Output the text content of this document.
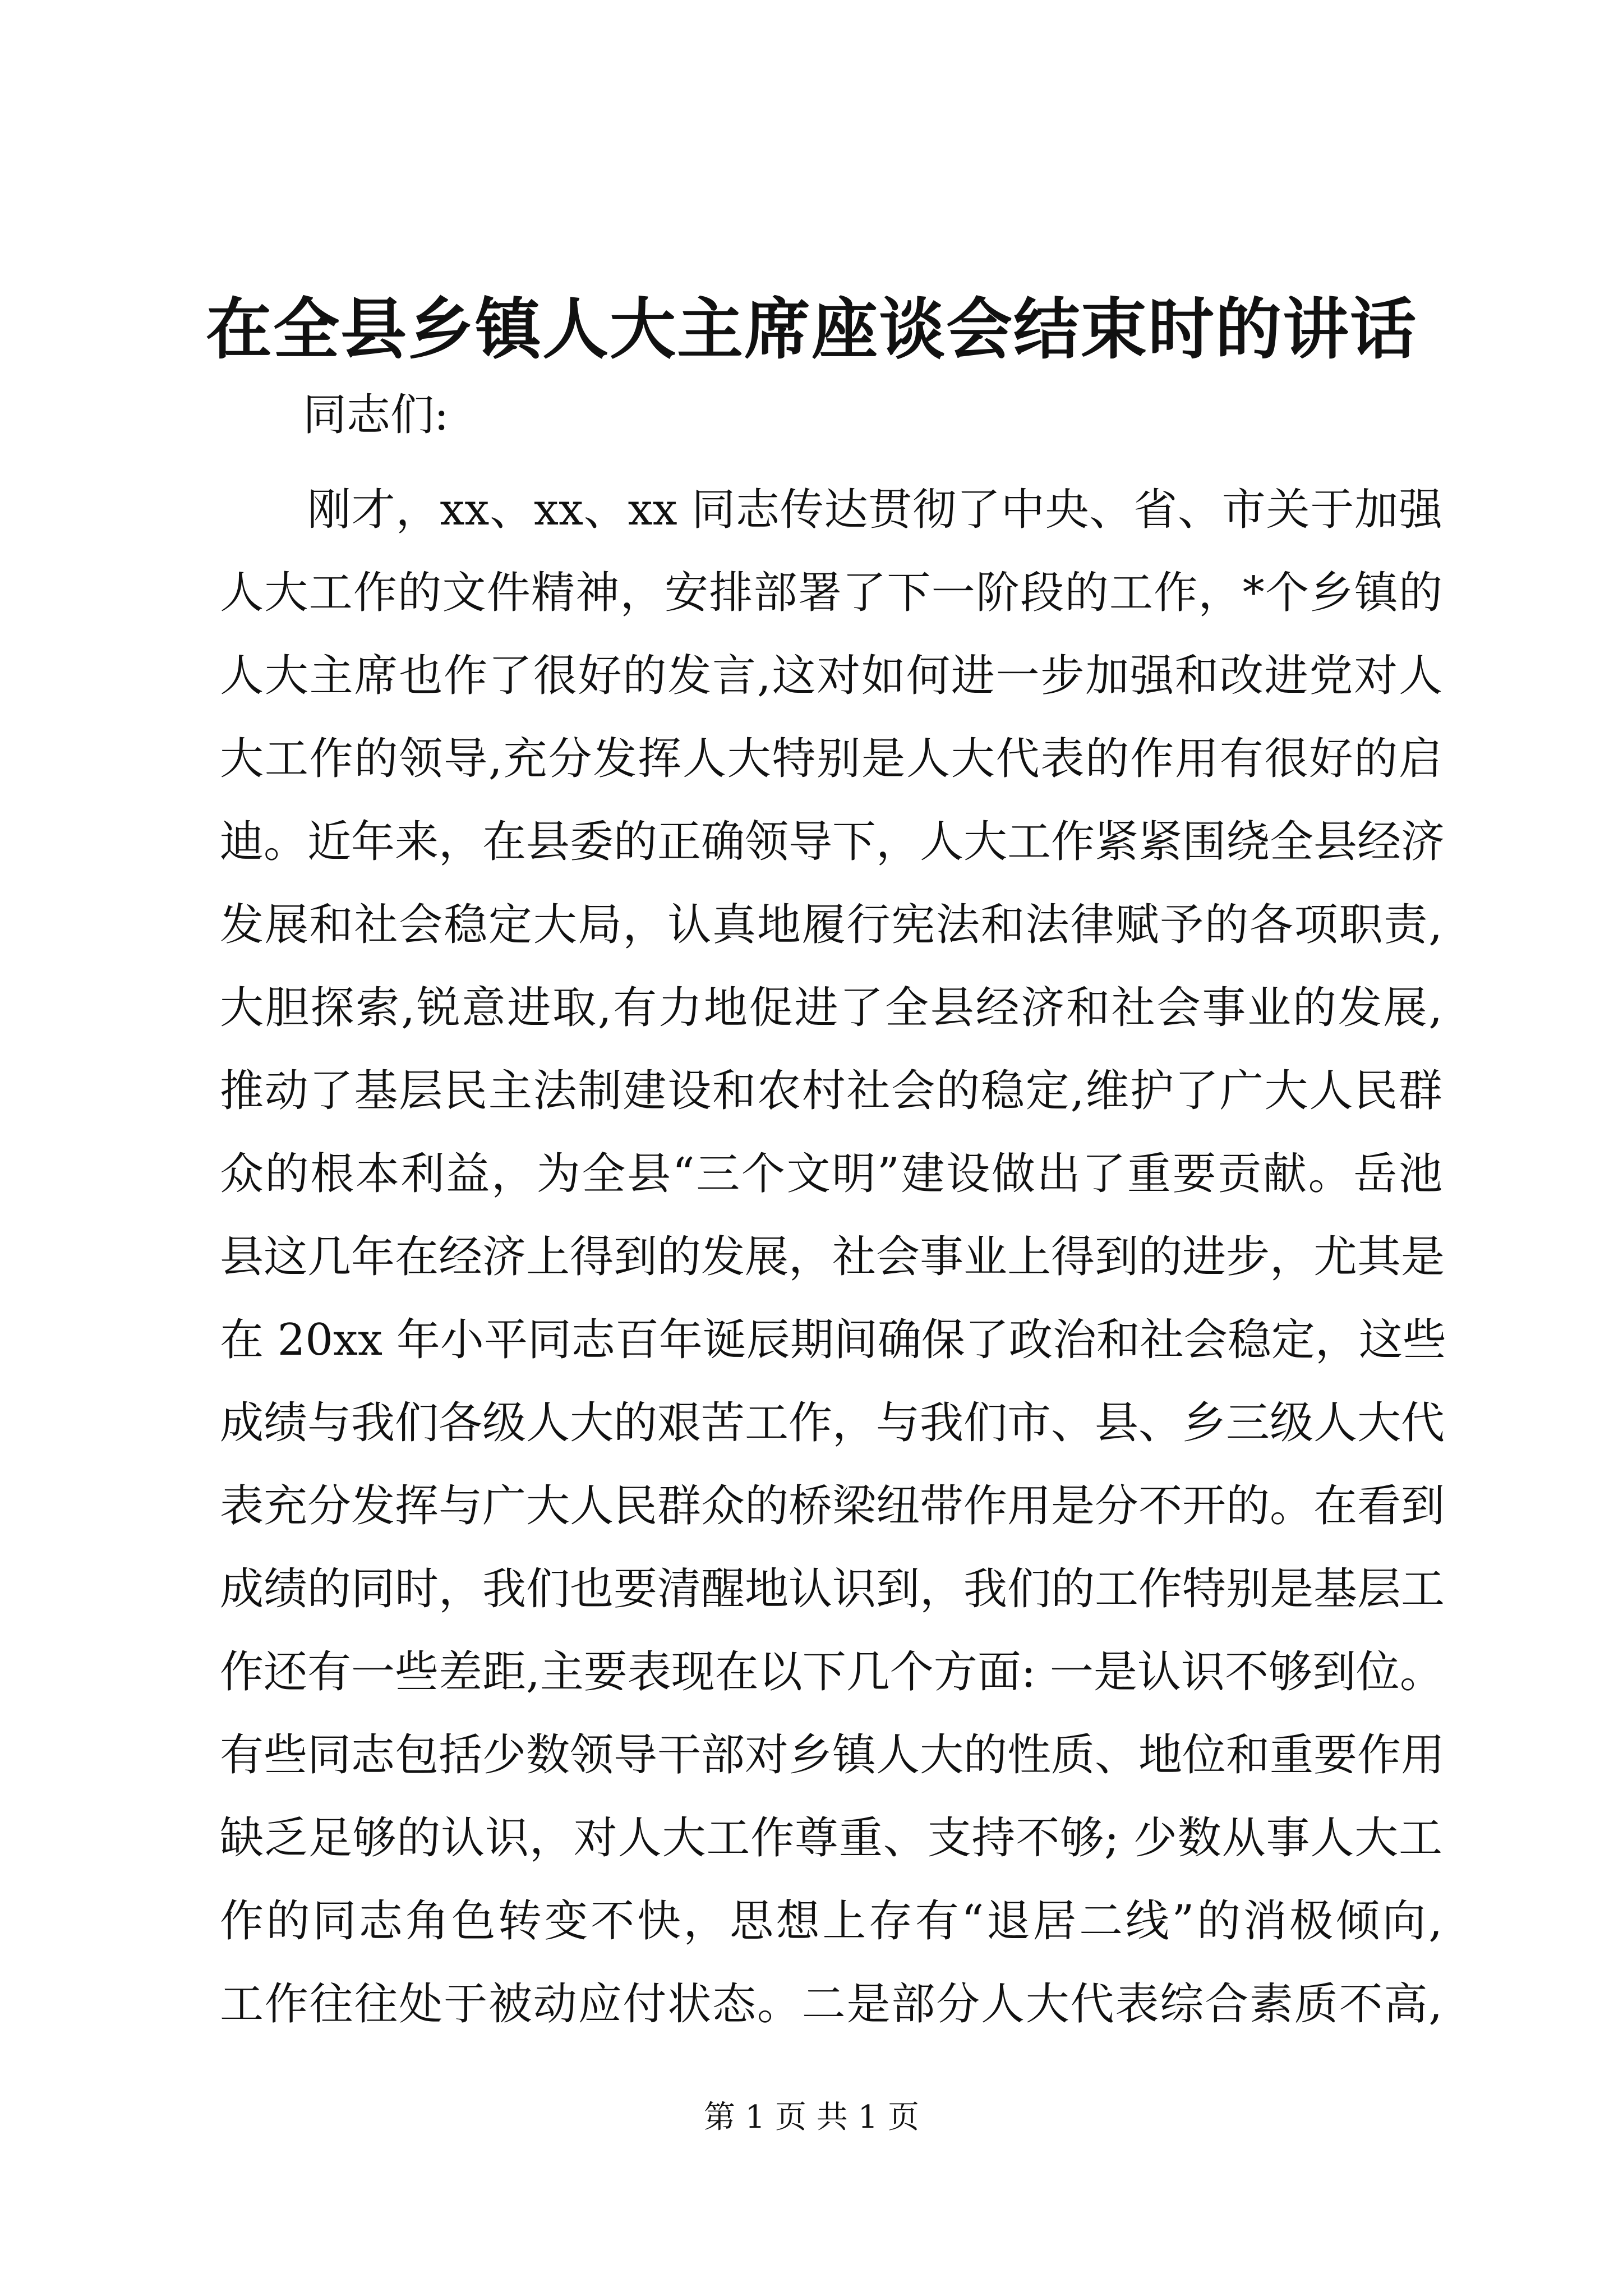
在全县乡镇人大主席座谈会结束时的讲话
同志们:
刚才，xx、xx、xx 同志传达贯彻了中央、省、市关于加强
人大工作的文件精神，安排部署了下一阶段的工作，*个乡镇的
人大主席也作了很好的发言,这对如何进一步加强和改进党对人
大工作的领导,充分发挥人大特别是人大代表的作用有很好的启
迪。近年来，在县委的正确领导下，人大工作紧紧围绕全县经济
发展和社会稳定大局，认真地履行宪法和法律赋予的各项职责,
大胆探索,锐意进取,有力地促进了全县经济和社会事业的发展,
推动了基层民主法制建设和农村社会的稳定,维护了广大人民群
众的根本利益，为全县“三个文明”建设做出了重要贡献。岳池
县这几年在经济上得到的发展，社会事业上得到的进步，尤其是
在 20xx 年小平同志百年诞辰期间确保了政治和社会稳定，这些
成绩与我们各级人大的艰苦工作，与我们市、县、乡三级人大代
表充分发挥与广大人民群众的桥梁纽带作用是分不开的。在看到
成绩的同时，我们也要清醒地认识到，我们的工作特别是基层工
作还有一些差距,主要表现在以下几个方面: 一是认识不够到位。
有些同志包括少数领导干部对乡镇人大的性质、地位和重要作用
缺乏足够的认识，对人大工作尊重、支持不够; 少数从事人大工
作的同志角色转变不快，思想上存有“退居二线”的消极倾向,
工作往往处于被动应付状态。二是部分人大代表综合素质不高,
第 1 页 共 1 页
